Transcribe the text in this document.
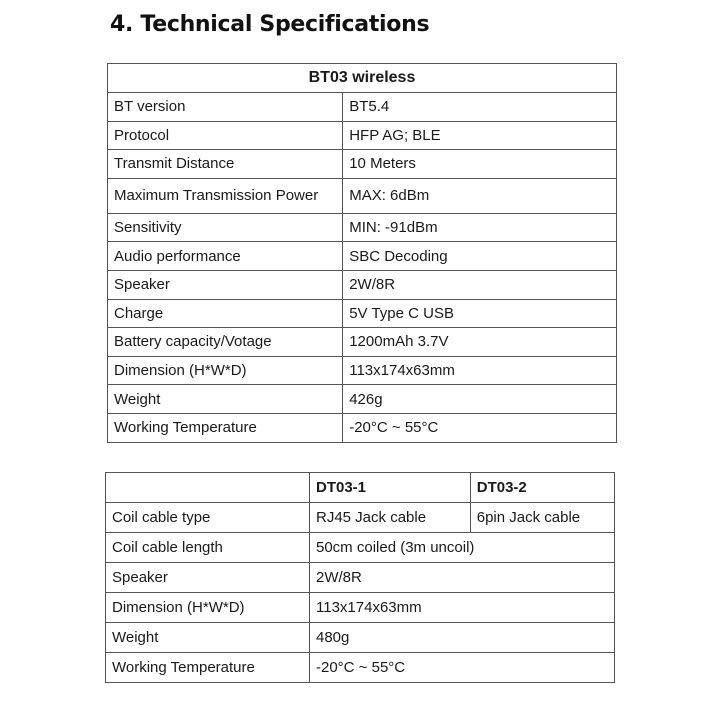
4. Technical Specifications
BT03 wireless	
BT version	BT5.4
Protocol	HFP AG; BLE
Transmit Distance	10 Meters
Maximum Transmission Power	MAX: 6dBm
Sensitivity	MIN: -91dBm
Audio performance	SBC Decoding
Speaker	2W/8R
Charge	5V Type C USB
Battery capacity/Votage	1200mAh 3.7V
Dimension (H*W*D)	113x174x63mm
Weight	426g
Working Temperature	-20°C ~ 55°C
	DT03-1	DT03-2
Coil cable type	RJ45 Jack cable	6pin Jack cable
Coil cable length	50cm coiled (3m uncoil)	
Speaker	2W/8R	
Dimension (H*W*D)	113x174x63mm	
Weight	480g	
Working Temperature	-20°C ~ 55°C	
